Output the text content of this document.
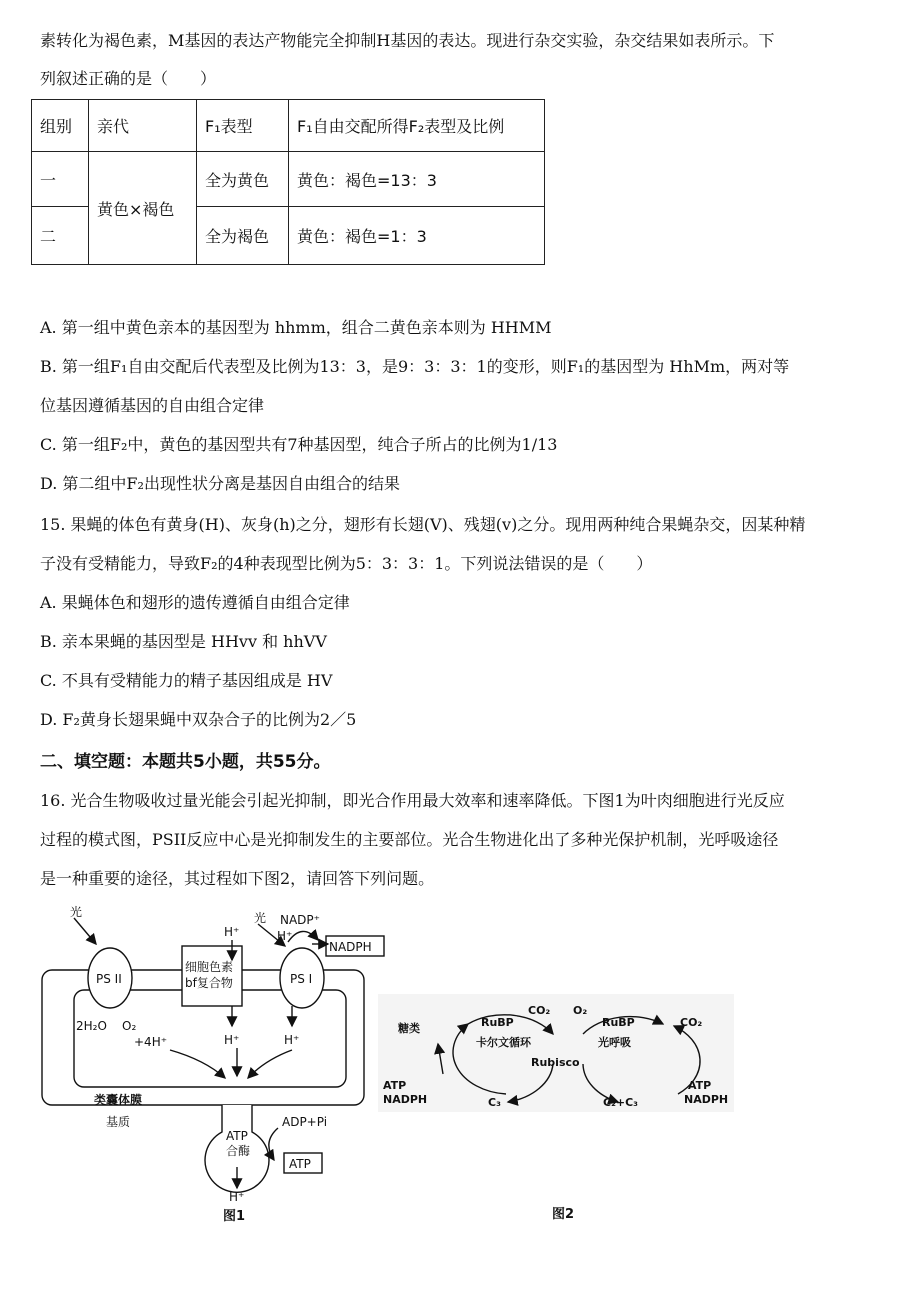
素转化为褐色素，M基因的表达产物能完全抑制H基因的表达。现进行杂交实验，杂交结果如表所示。下
列叙述正确的是（　　）
组别	亲代	F₁表型	F₁自由交配所得F₂表型及比例
一	黄色×褐色	全为黄色	黄色：褐色=13：3
二		全为褐色	黄色：褐色=1：3
A. 第一组中黄色亲本的基因型为 hhmm，组合二黄色亲本则为 HHMM
B. 第一组F₁自由交配后代表型及比例为13：3，是9：3：3：1的变形，则F₁的基因型为 HhMm，两对等
位基因遵循基因的自由组合定律
C. 第一组F₂中，黄色的基因型共有7种基因型，纯合子所占的比例为1/13
D. 第二组中F₂出现性状分离是基因自由组合的结果
15. 果蝇的体色有黄身(H)、灰身(h)之分，翅形有长翅(V)、残翅(v)之分。现用两种纯合果蝇杂交，因某种精
子没有受精能力，导致F₂的4种表现型比例为5：3：3：1。下列说法错误的是（　　）
A. 果蝇体色和翅形的遗传遵循自由组合定律
B. 亲本果蝇的基因型是 HHvv 和 hhVV
C. 不具有受精能力的精子基因组成是 HV
D. F₂黄身长翅果蝇中双杂合子的比例为2／5
二、填空题：本题共5小题，共55分。
16. 光合生物吸收过量光能会引起光抑制，即光合作用最大效率和速率降低。下图1为叶肉细胞进行光反应
过程的模式图，PSII反应中心是光抑制发生的主要部位。光合生物进化出了多种光保护机制，光呼吸途径
是一种重要的途径，其过程如下图2，请回答下列问题。
光	光
PS II	PS I
细胞色素
bf复合物
H⁺	H⁺
NADP⁺
NADPH
2H₂O O₂
+4H⁺	H⁺	H⁺
类囊体膜
基质
ATP
合酶
ADP+Pi
ATP
H⁺
图1
糖类	RuBP
CO₂ O₂
RuBP	CO₂
卡尔文循环	光呼吸
Rubisco
ATP
NADPH	C₃	C₂+C₃
ATP
NADPH
图2
